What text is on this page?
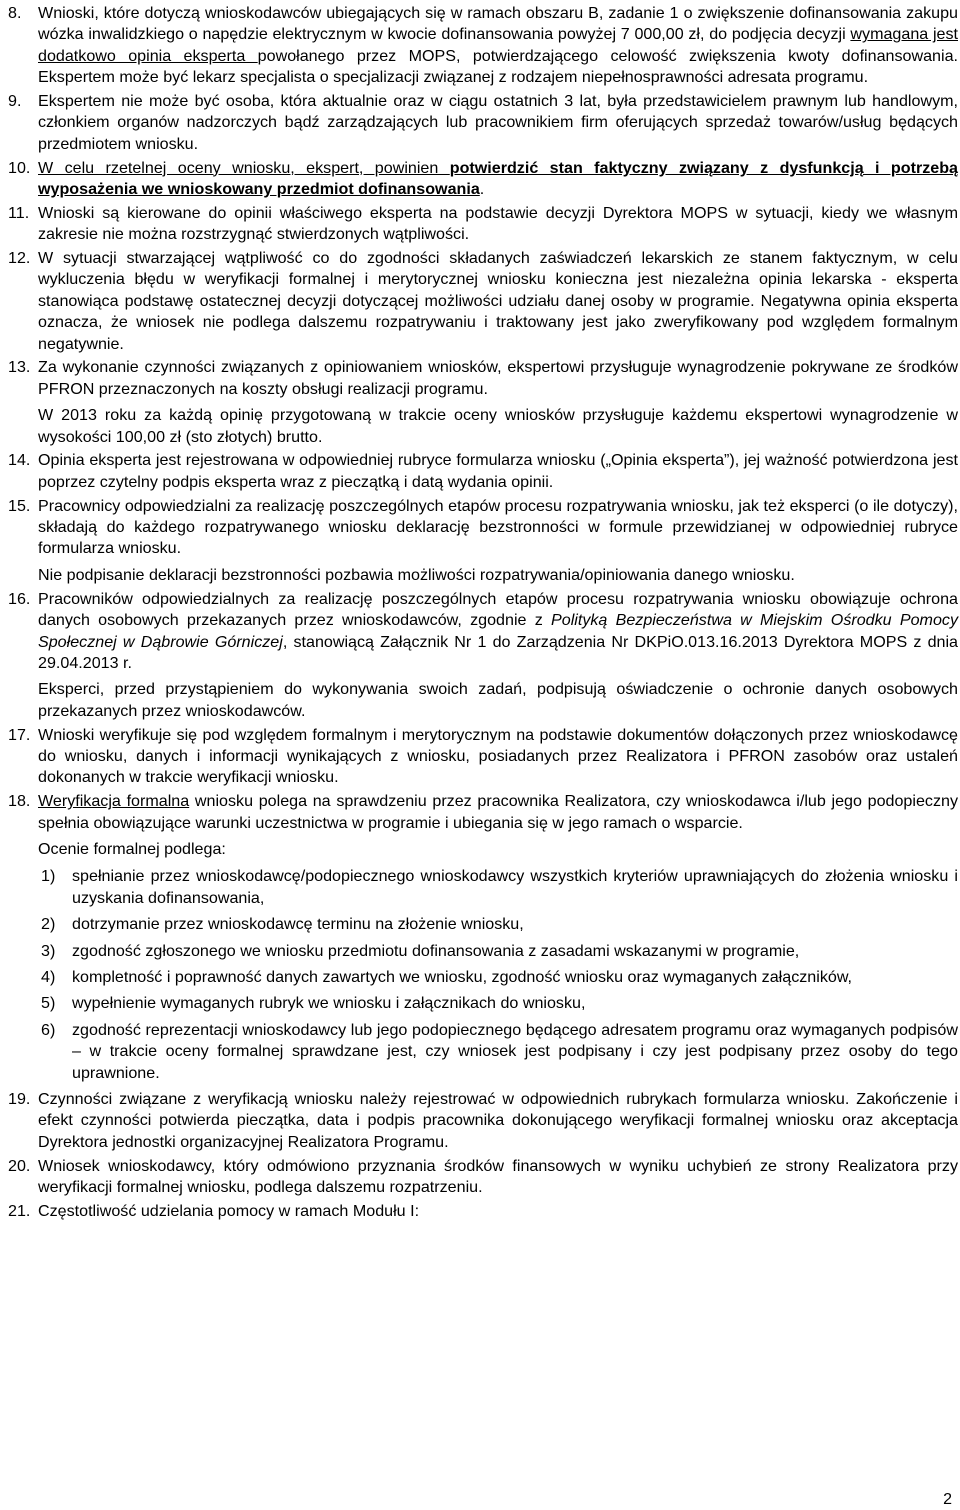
8. Wnioski, które dotyczą wnioskodawców ubiegających się w ramach obszaru B, zadanie 1 o zwiększenie dofinansowania zakupu wózka inwalidzkiego o napędzie elektrycznym w kwocie dofinansowania powyżej 7 000,00 zł, do podjęcia decyzji wymagana jest dodatkowo opinia eksperta powołanego przez MOPS, potwierdzającego celowość zwiększenia kwoty dofinansowania. Ekspertem może być lekarz specjalista o specjalizacji związanej z rodzajem niepełnosprawności adresata programu.
9. Ekspertem nie może być osoba, która aktualnie oraz w ciągu ostatnich 3 lat, była przedstawicielem prawnym lub handlowym, członkiem organów nadzorczych bądź zarządzających lub pracownikiem firm oferujących sprzedaż towarów/usług będących przedmiotem wniosku.
10. W celu rzetelnej oceny wniosku, ekspert, powinien potwierdzić stan faktyczny związany z dysfunkcją i potrzebą wyposażenia we wnioskowany przedmiot dofinansowania.
11. Wnioski są kierowane do opinii właściwego eksperta na podstawie decyzji Dyrektora MOPS w sytuacji, kiedy we własnym zakresie nie można rozstrzygnąć stwierdzonych wątpliwości.
12. W sytuacji stwarzającej wątpliwość co do zgodności składanych zaświadczeń lekarskich ze stanem faktycznym, w celu wykluczenia błędu w weryfikacji formalnej i merytorycznej wniosku konieczna jest niezależna opinia lekarska - eksperta stanowiąca podstawę ostatecznej decyzji dotyczącej możliwości udziału danej osoby w programie. Negatywna opinia eksperta oznacza, że wniosek nie podlega dalszemu rozpatrywaniu i traktowany jest jako zweryfikowany pod względem formalnym negatywnie.
13. Za wykonanie czynności związanych z opiniowaniem wniosków, ekspertowi przysługuje wynagrodzenie pokrywane ze środków PFRON przeznaczonych na koszty obsługi realizacji programu.
W 2013 roku za każdą opinię przygotowaną w trakcie oceny wniosków przysługuje każdemu ekspertowi wynagrodzenie w wysokości 100,00 zł (sto złotych) brutto.
14. Opinia eksperta jest rejestrowana w odpowiedniej rubryce formularza wniosku („Opinia eksperta”), jej ważność potwierdzona jest poprzez czytelny podpis eksperta wraz z pieczątką i datą wydania opinii.
15. Pracownicy odpowiedzialni za realizację poszczególnych etapów procesu rozpatrywania wniosku, jak też eksperci (o ile dotyczy), składają do każdego rozpatrywanego wniosku deklarację bezstronności w formule przewidzianej w odpowiedniej rubryce formularza wniosku.
Nie podpisanie deklaracji bezstronności pozbawia możliwości rozpatrywania/opiniowania danego wniosku.
16. Pracowników odpowiedzialnych za realizację poszczególnych etapów procesu rozpatrywania wniosku obowiązuje ochrona danych osobowych przekazanych przez wnioskodawców, zgodnie z Polityką Bezpieczeństwa w Miejskim Ośrodku Pomocy Społecznej w Dąbrowie Górniczej, stanowiącą Załącznik Nr 1 do Zarządzenia Nr DKPiO.013.16.2013 Dyrektora MOPS z dnia 29.04.2013 r.
Eksperci, przed przystąpieniem do wykonywania swoich zadań, podpisują oświadczenie o ochronie danych osobowych przekazanych przez wnioskodawców.
17. Wnioski weryfikuje się pod względem formalnym i merytorycznym na podstawie dokumentów dołączonych przez wnioskodawcę do wniosku, danych i informacji wynikających z wniosku, posiadanych przez Realizatora i PFRON zasobów oraz ustaleń dokonanych w trakcie weryfikacji wniosku.
18. Weryfikacja formalna wniosku polega na sprawdzeniu przez pracownika Realizatora, czy wnioskodawca i/lub jego podopieczny spełnia obowiązujące warunki uczestnictwa w programie i ubiegania się w jego ramach o wsparcie.
Ocenie formalnej podlega:
1) spełnianie przez wnioskodawcę/podopiecznego wnioskodawcy wszystkich kryteriów uprawniających do złożenia wniosku i uzyskania dofinansowania,
2) dotrzymanie przez wnioskodawcę terminu na złożenie wniosku,
3) zgodność zgłoszonego we wniosku przedmiotu dofinansowania z zasadami wskazanymi w programie,
4) kompletność i poprawność danych zawartych we wniosku, zgodność wniosku oraz wymaganych załączników,
5) wypełnienie wymaganych rubryk we wniosku i załącznikach do wniosku,
6) zgodność reprezentacji wnioskodawcy lub jego podopiecznego będącego adresatem programu oraz wymaganych podpisów – w trakcie oceny formalnej sprawdzane jest, czy wniosek jest podpisany i czy jest podpisany przez osoby do tego uprawnione.
19. Czynności związane z weryfikacją wniosku należy rejestrować w odpowiednich rubrykach formularza wniosku. Zakończenie i efekt czynności potwierda pieczątka, data i podpis pracownika dokonującego weryfikacji formalnej wniosku oraz akceptacja Dyrektora jednostki organizacyjnej Realizatora Programu.
20. Wniosek wnioskodawcy, który odmówiono przyznania środków finansowych w wyniku uchybień ze strony Realizatora przy weryfikacji formalnej wniosku, podlega dalszemu rozpatrzeniu.
21. Częstotliwość udzielania pomocy w ramach Modułu I:
2
